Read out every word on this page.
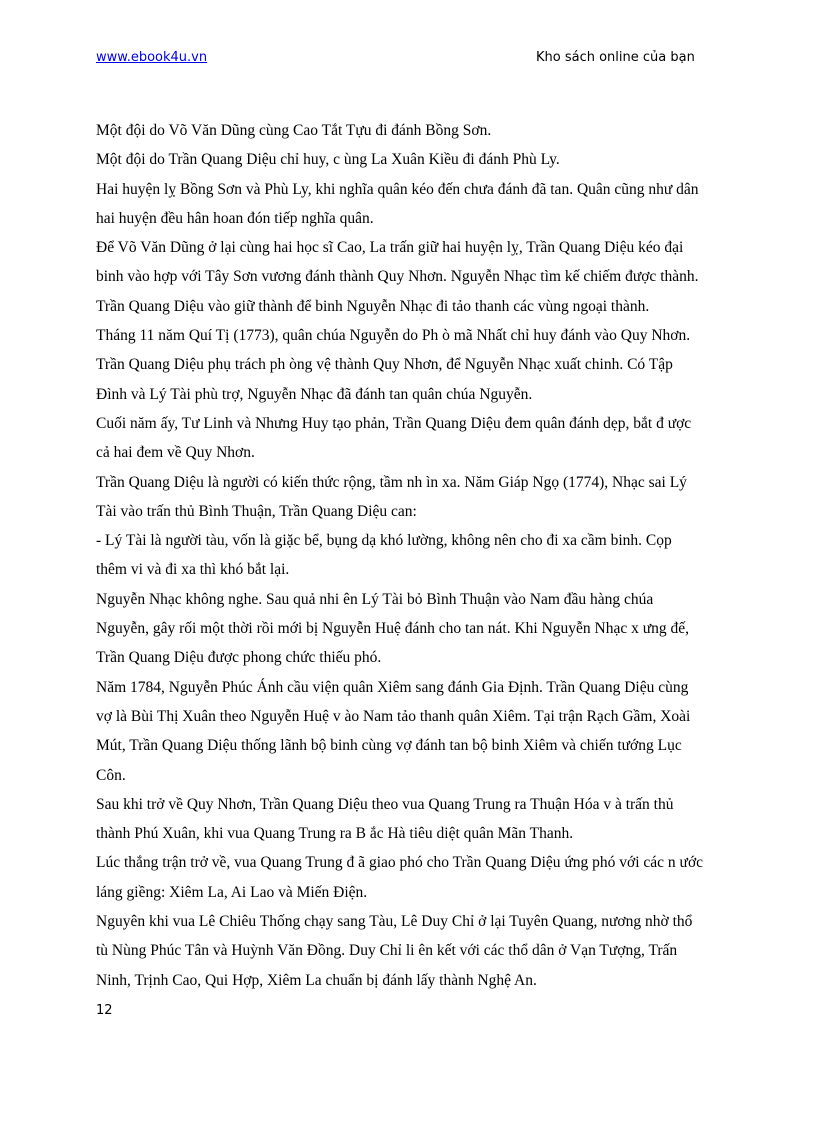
www.ebook4u.vn	Kho sách online của bạn
Một đội do Võ Văn Dũng cùng Cao Tắt Tựu đi đánh Bồng Sơn.
Một đội do Trần Quang Diệu chỉ huy, c ùng La Xuân Kiều đi đánh Phù Ly.
Hai huyện lỵ Bồng Sơn và Phù Ly, khi nghĩa quân kéo đến chưa đánh đã tan. Quân cũng như dân
hai huyện đều hân hoan đón tiếp nghĩa quân.
Để Võ Văn Dũng ở lại cùng hai học sĩ Cao, La trấn giữ hai huyện lỵ, Trần Quang Diệu kéo đại
binh vào hợp với Tây Sơn vương đánh thành Quy Nhơn. Nguyễn Nhạc tìm kế chiếm được thành.
Trần Quang Diệu vào giữ thành để binh Nguyễn Nhạc đi tảo thanh các vùng ngoại thành.
Tháng 11 năm Quí Tị (1773), quân chúa Nguyễn do Ph ò mã Nhất chỉ huy đánh vào Quy Nhơn.
Trần Quang Diệu phụ trách ph òng vệ thành Quy Nhơn, để Nguyễn Nhạc xuất chinh. Có Tập
Đình và Lý Tài phù trợ, Nguyễn Nhạc đã đánh tan quân chúa Nguyễn.
Cuối năm ấy, Tư Linh và Nhưng Huy tạo phản, Trần Quang Diệu đem quân đánh dẹp, bắt đ ược
cả hai đem về Quy Nhơn.
Trần Quang Diệu là người có kiến thức rộng, tầm nh ìn xa. Năm Giáp Ngọ (1774), Nhạc sai Lý
Tài vào trấn thủ Bình Thuận, Trần Quang Diệu can:
- Lý Tài là người tàu, vốn là giặc bể, bụng dạ khó lường, không nên cho đi xa cầm binh. Cọp
thêm vi và đi xa thì khó bắt lại.
Nguyễn Nhạc không nghe. Sau quả nhi ên Lý Tài bỏ Bình Thuận vào Nam đầu hàng chúa
Nguyễn, gây rối một thời rồi mới bị Nguyễn Huệ đánh cho tan nát. Khi Nguyễn Nhạc x ưng đế,
Trần Quang Diệu được phong chức thiếu phó.
Năm 1784, Nguyễn Phúc Ánh cầu viện quân Xiêm sang đánh Gia Định. Trần Quang Diệu cùng
vợ là Bùi Thị Xuân theo Nguyễn Huệ v ào Nam tảo thanh quân Xiêm. Tại trận Rạch Gầm, Xoài
Mút, Trần Quang Diệu thống lãnh bộ binh cùng vợ đánh tan bộ binh Xiêm và chiến tướng Lục
Côn.
Sau khi trở về Quy Nhơn, Trần Quang Diệu theo vua Quang Trung ra Thuận Hóa v à trấn thủ
thành Phú Xuân, khi vua Quang Trung ra B ắc Hà tiêu diệt quân Mãn Thanh.
Lúc thắng trận trở về, vua Quang Trung đ ã giao phó cho Trần Quang Diệu ứng phó với các n ước
láng giềng: Xiêm La, Ai Lao và Miến Điện.
Nguyên khi vua Lê Chiêu Thống chạy sang Tàu, Lê Duy Chỉ ở lại Tuyên Quang, nương nhờ thổ
tù Nùng Phúc Tân và Huỳnh Văn Đồng. Duy Chỉ li ên kết với các thổ dân ở Vạn Tượng, Trấn
Ninh, Trịnh Cao, Qui Hợp, Xiêm La chuẩn bị đánh lấy thành Nghệ An.
12
